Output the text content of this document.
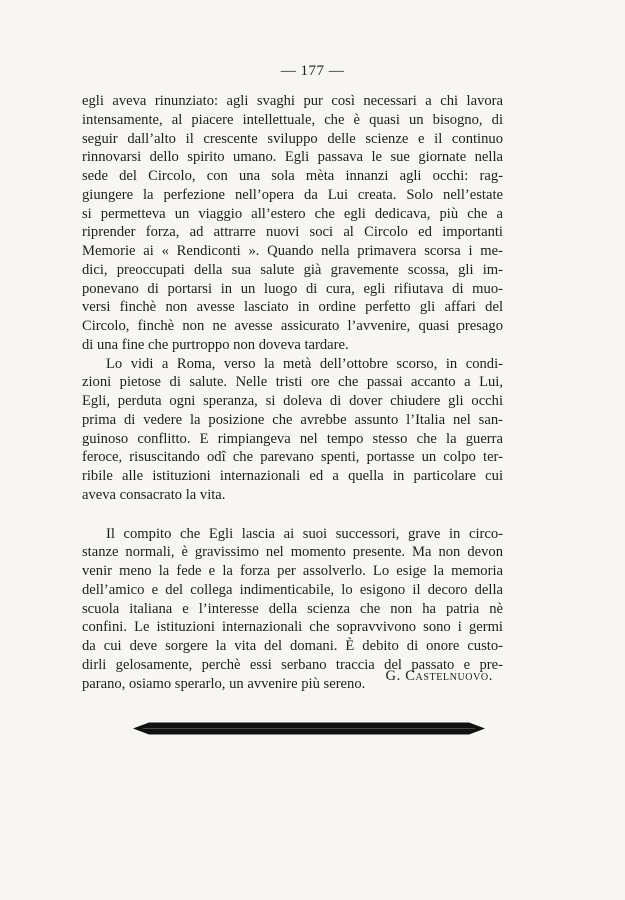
— 177 —
egli aveva rinunziato: agli svaghi pur così necessari a chi lavora
intensamente, al piacere intellettuale, che è quasi un bisogno, di
seguir dall’alto il crescente sviluppo delle scienze e il continuo
rinnovarsi dello spirito umano. Egli passava le sue giornate nella
sede del Circolo, con una sola mèta innanzi agli occhi: rag-
giungere la perfezione nell’opera da Lui creata. Solo nell’estate
si permetteva un viaggio all’estero che egli dedicava, più che a
riprender forza, ad attrarre nuovi soci al Circolo ed importanti
Memorie ai « Rendiconti ». Quando nella primavera scorsa i me-
dici, preoccupati della sua salute già gravemente scossa, gli im-
ponevano di portarsi in un luogo di cura, egli rifiutava di muo-
versi finchè non avesse lasciato in ordine perfetto gli affari del
Circolo, finchè non ne avesse assicurato l’avvenire, quasi presago
di una fine che purtroppo non doveva tardare.
Lo vidi a Roma, verso la metà dell’ottobre scorso, in condi-
zioni pietose di salute. Nelle tristi ore che passai accanto a Lui,
Egli, perduta ogni speranza, si doleva di dover chiudere gli occhi
prima di vedere la posizione che avrebbe assunto l’Italia nel san-
guinoso conflitto. E rimpiangeva nel tempo stesso che la guerra
feroce, risuscitando odî che parevano spenti, portasse un colpo ter-
ribile alle istituzioni internazionali ed a quella in particolare cui
aveva consacrato la vita.
Il compito che Egli lascia ai suoi successori, grave in circo-
stanze normali, è gravissimo nel momento presente. Ma non devon
venir meno la fede e la forza per assolverlo. Lo esige la memoria
dell’amico e del collega indimenticabile, lo esigono il decoro della
scuola italiana e l’interesse della scienza che non ha patria nè
confini. Le istituzioni internazionali che sopravvivono sono i germi
da cui deve sorgere la vita del domani. È debito di onore custo-
dirli gelosamente, perchè essi serbano traccia del passato e pre-
parano, osiamo sperarlo, un avvenire più sereno.	G. Castelnuovo.
